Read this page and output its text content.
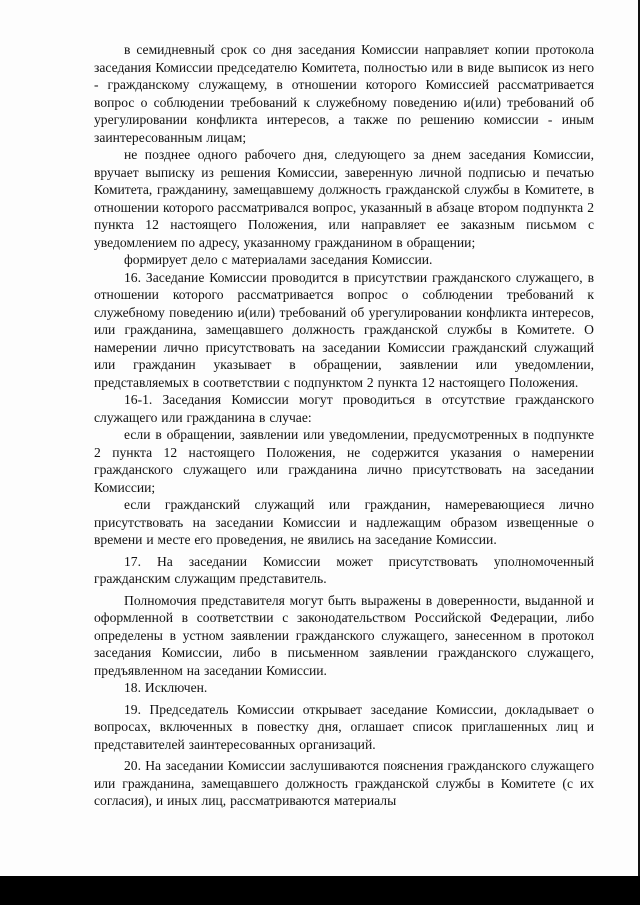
в семидневный срок со дня заседания Комиссии направляет копии протокола заседания Комиссии председателю Комитета, полностью или в виде выписок из него - гражданскому служащему, в отношении которого Комиссией рассматривается вопрос о соблюдении требований к служебному поведению и(или) требований об урегулировании конфликта интересов, а также по решению комиссии - иным заинтересованным лицам;

не позднее одного рабочего дня, следующего за днем заседания Комиссии, вручает выписку из решения Комиссии, заверенную личной подписью и печатью Комитета, гражданину, замещавшему должность гражданской службы в Комитете, в отношении которого рассматривался вопрос, указанный в абзаце втором подпункта 2 пункта 12 настоящего Положения, или направляет ее заказным письмом с уведомлением по адресу, указанному гражданином в обращении;

формирует дело с материалами заседания Комиссии.

16. Заседание Комиссии проводится в присутствии гражданского служащего, в отношении которого рассматривается вопрос о соблюдении требований к служебному поведению и(или) требований об урегулировании конфликта интересов, или гражданина, замещавшего должность гражданской службы в Комитете. О намерении лично присутствовать на заседании Комиссии гражданский служащий или гражданин указывает в обращении, заявлении или уведомлении, представляемых в соответствии с подпунктом 2 пункта 12 настоящего Положения.

16-1. Заседания Комиссии могут проводиться в отсутствие гражданского служащего или гражданина в случае:

если в обращении, заявлении или уведомлении, предусмотренных в подпункте 2 пункта 12 настоящего Положения, не содержится указания о намерении гражданского служащего или гражданина лично присутствовать на заседании Комиссии;

если гражданский служащий или гражданин, намеревающиеся лично присутствовать на заседании Комиссии и надлежащим образом извещенные о времени и месте его проведения, не явились на заседание Комиссии.

17. На заседании Комиссии может присутствовать уполномоченный гражданским служащим представитель.

Полномочия представителя могут быть выражены в доверенности, выданной и оформленной в соответствии с законодательством Российской Федерации, либо определены в устном заявлении гражданского служащего, занесенном в протокол заседания Комиссии, либо в письменном заявлении гражданского служащего, предъявленном на заседании Комиссии.

18. Исключен.

19. Председатель Комиссии открывает заседание Комиссии, докладывает о вопросах, включенных в повестку дня, оглашает список приглашенных лиц и представителей заинтересованных организаций.

20. На заседании Комиссии заслушиваются пояснения гражданского служащего или гражданина, замещавшего должность гражданской службы в Комитете (с их согласия), и иных лиц, рассматриваются материалы
